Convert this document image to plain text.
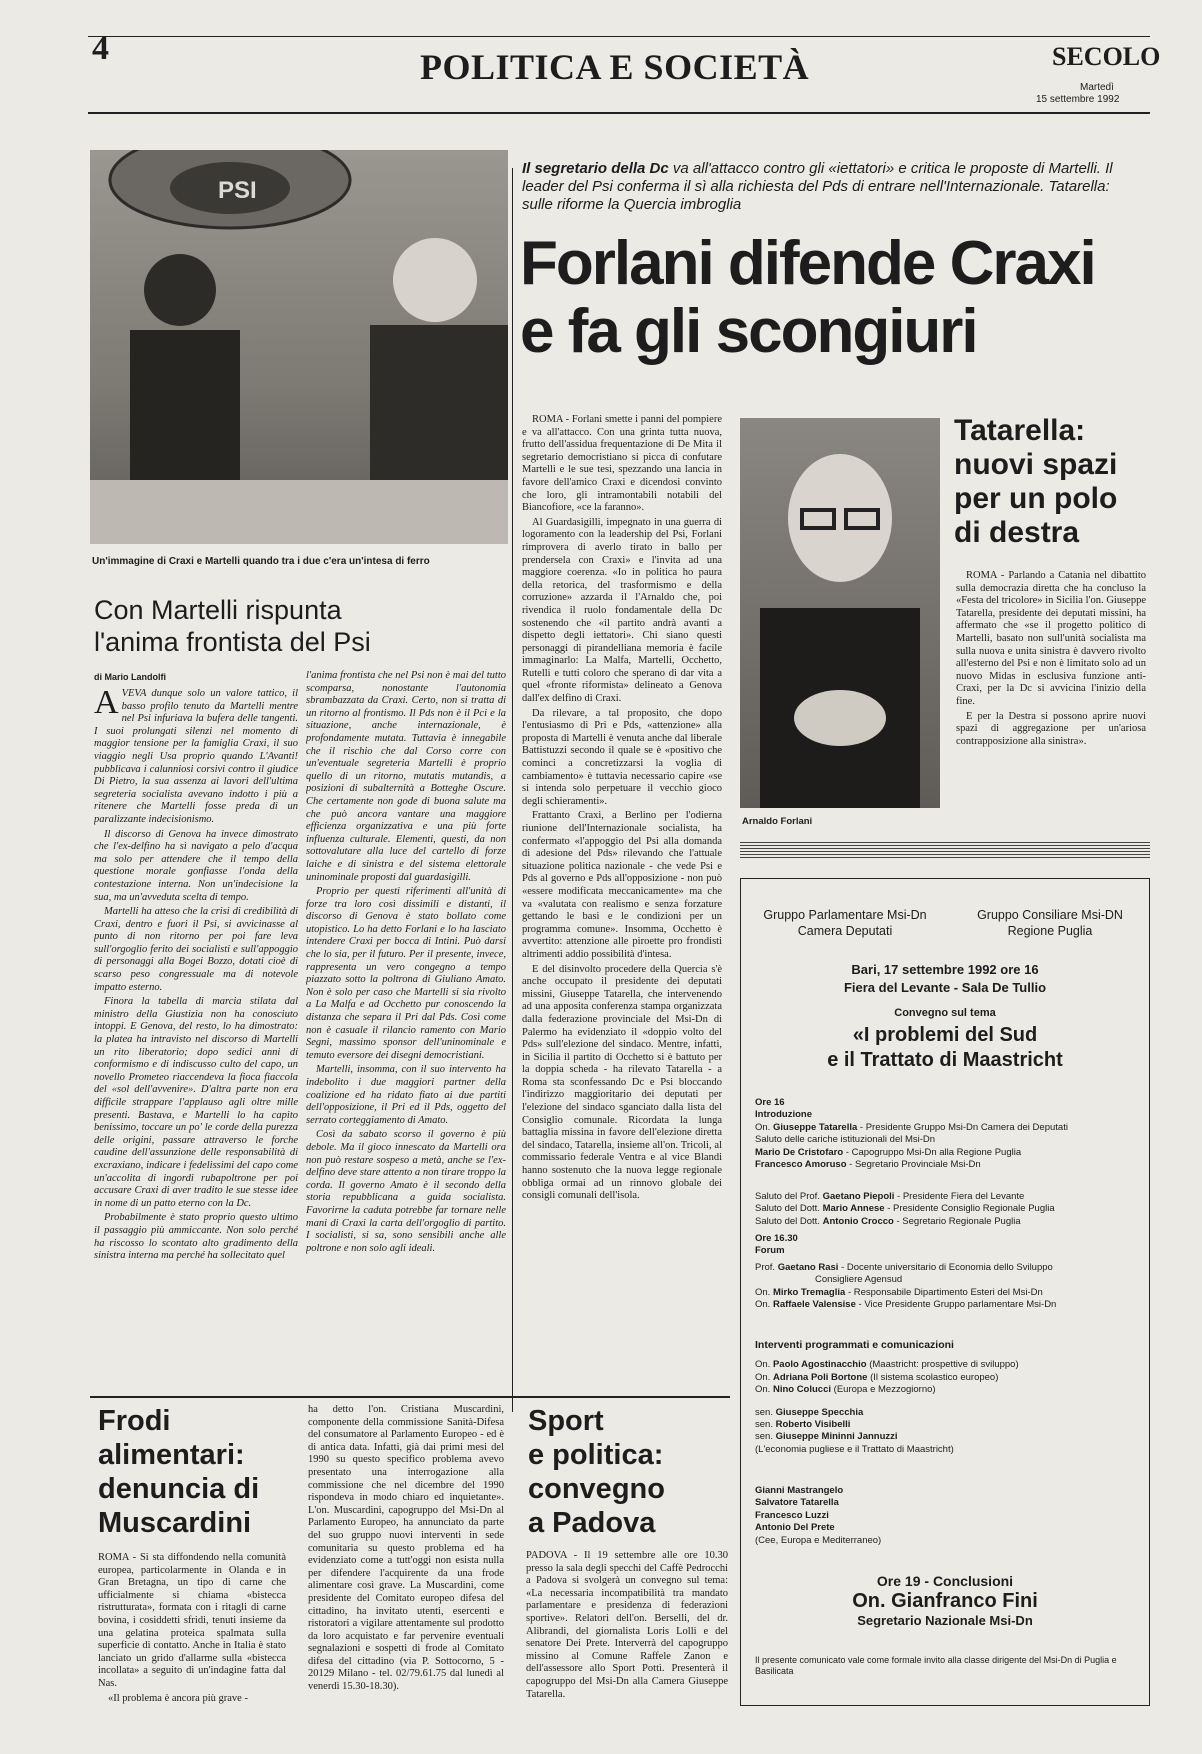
4	POLITICA E SOCIETÀ	SECOLO
Martedì
15 settembre 1992
PSI
Un'immagine di Craxi e Martelli quando tra i due c'era un'intesa di ferro
Il segretario della Dc va all'attacco contro gli «iettatori» e critica le proposte di Martelli. Il leader del Psi conferma il sì alla richiesta del Pds di entrare nell'Internazionale. Tatarella: sulle riforme la Quercia imbroglia
Forlani difende Craxi
e fa gli scongiuri

ROMA - Forlani smette i panni del pompiere e va all'attacco. Con una grinta tutta nuova, frutto dell'assidua frequentazione di De Mita il segretario democristiano si picca di confutare Martelli e le sue tesi, spezzando una lancia in favore dell'amico Craxi e dicendosi convinto che loro, gli intramontabili notabili del Biancofiore, «ce la faranno».

Al Guardasigilli, impegnato in una guerra di logoramento con la leadership del Psi, Forlani rimprovera di averlo tirato in ballo per prendersela con Craxi» e l'invita ad una maggiore coerenza. «Io in politica ho paura della retorica, del trasformismo e della corruzione» azzarda il l'Arnaldo che, poi rivendica il ruolo fondamentale della Dc sostenendo che «il partito andrà avanti a dispetto degli iettatori». Chi siano questi personaggi di pirandelliana memoria è facile immaginarlo: La Malfa, Martelli, Occhetto, Rutelli e tutti coloro che sperano di dar vita a quel «fronte riformista» delineato a Genova dall'ex delfino di Craxi.

Da rilevare, a tal proposito, che dopo l'entusiasmo di Pri e Pds, «attenzione» alla proposta di Martelli è venuta anche dal liberale Battistuzzi secondo il quale se è «positivo che cominci a concretizzarsi la voglia di cambiamento» è tuttavia necessario capire «se si intenda solo perpetuare il vecchio gioco degli schieramenti».

Frattanto Craxi, a Berlino per l'odierna riunione dell'Internazionale socialista, ha confermato «l'appoggio del Psi alla domanda di adesione del Pds» rilevando che l'attuale situazione politica nazionale - che vede Psi e Pds al governo e Pds all'opposizione - non può «essere modificata meccanicamente» ma che va «valutata con realismo e senza forzature gettando le basi e le condizioni per un programma comune». Insomma, Occhetto è avvertito: attenzione alle piroette pro frondisti altrimenti addio possibilità d'intesa.

E del disinvolto procedere della Quercia s'è anche occupato il presidente dei deputati missini, Giuseppe Tatarella, che intervenendo ad una apposita conferenza stampa organizzata dalla federazione provinciale del Msi-Dn di Palermo ha evidenziato il «doppio volto del Pds» sull'elezione del sindaco. Mentre, infatti, in Sicilia il partito di Occhetto si è battuto per la doppia scheda - ha rilevato Tatarella - a Roma sta sconfessando Dc e Psi bloccando l'indirizzo maggioritario dei deputati per l'elezione del sindaco sganciato dalla lista del Consiglio comunale. Ricordata la lunga battaglia missina in favore dell'elezione diretta del sindaco, Tatarella, insieme all'on. Tricoli, al commissario federale Ventra e al vice Blandi hanno sostenuto che la nuova legge regionale obbliga ormai ad un rinnovo globale dei consigli comunali dell'isola.

Arnaldo Forlani
Tatarella:
nuovi spazi
per un polo
di destra

ROMA - Parlando a Catania nel dibattito sulla democrazia diretta che ha concluso la «Festa del tricolore» in Sicilia l'on. Giuseppe Tatarella, presidente dei deputati missini, ha affermato che «se il progetto politico di Martelli, basato non sull'unità socialista ma sulla nuova e unita sinistra è davvero rivolto all'esterno del Psi e non è limitato solo ad un nuovo Midas in esclusiva funzione anti-Craxi, per la Dc si avvicina l'inizio della fine.

E per la Destra si possono aprire nuovi spazi di aggregazione per un'ariosa contrapposizione alla sinistra».

Con Martelli rispunta
l'anima frontista del Psi
di Mario Landolfi

AVEVA dunque solo un valore tattico, il basso profilo tenuto da Martelli mentre nel Psi infuriava la bufera delle tangenti. I suoi prolungati silenzi nel momento di maggior tensione per la famiglia Craxi, il suo viaggio negli Usa proprio quando L'Avanti! pubblicava i calunniosi corsivi contro il giudice Di Pietro, la sua assenza ai lavori dell'ultima segreteria socialista avevano indotto i più a ritenere che Martelli fosse preda di un paralizzante indecisionismo.

Il discorso di Genova ha invece dimostrato che l'ex-delfino ha sì navigato a pelo d'acqua ma solo per attendere che il tempo della questione morale gonfiasse l'onda della contestazione interna. Non un'indecisione la sua, ma un'avveduta scelta di tempo.

Martelli ha atteso che la crisi di credibilità di Craxi, dentro e fuori il Psi, si avvicinasse al punto di non ritorno per poi fare leva sull'orgoglio ferito dei socialisti e sull'appoggio di personaggi alla Bogei Bozzo, dotati cioè di scarso peso congressuale ma di notevole impatto esterno.

Finora la tabella di marcia stilata dal ministro della Giustizia non ha conosciuto intoppi. E Genova, del resto, lo ha dimostrato: la platea ha intravisto nel discorso di Martelli un rito liberatorio; dopo sedici anni di conformismo e di indiscusso culto del capo, un novello Prometeo riaccendeva la fioca fiaccola del «sol dell'avvenire». D'altra parte non era difficile strappare l'applauso agli oltre mille presenti. Bastava, e Martelli lo ha capito benissimo, toccare un po' le corde della purezza delle origini, passare attraverso le forche caudine dell'assunzione delle responsabilità di excraxiano, indicare i fedelissimi del capo come un'accolita di ingordi rubapoltrone per poi accusare Craxi di aver tradito le sue stesse idee in nome di un patto eterno con la Dc.

Probabilmente è stato proprio questo ultimo il passaggio più ammiccante. Non solo perché ha riscosso lo scontato alto gradimento della sinistra interna ma perché ha sollecitato quel

l'anima frontista che nel Psi non è mai del tutto scomparsa, nonostante l'autonomia sbrambazzata da Craxi. Certo, non si tratta di un ritorno al frontismo. Il Pds non è il Pci e la situazione, anche internazionale, è profondamente mutata. Tuttavia è innegabile che il rischio che dal Corso corre con un'eventuale segreteria Martelli è proprio quello di un ritorno, mutatis mutandis, a posizioni di subalternità a Botteghe Oscure. Che certamente non gode di buona salute ma che può ancora vantare una maggiore efficienza organizzativa e una più forte influenza culturale. Elementi, questi, da non sottovalutare alla luce del cartello di forze laiche e di sinistra e del sistema elettorale uninominale proposti dal guardasigilli.

Proprio per questi riferimenti all'unità di forze tra loro così dissimili e distanti, il discorso di Genova è stato bollato come utopistico. Lo ha detto Forlani e lo ha lasciato intendere Craxi per bocca di Intini. Può darsi che lo sia, per il futuro. Per il presente, invece, rappresenta un vero congegno a tempo piazzato sotto la poltrona di Giuliano Amato. Non è solo per caso che Martelli si sia rivolto a La Malfa e ad Occhetto pur conoscendo la distanza che separa il Pri dal Pds. Così come non è casuale il rilancio ramento con Mario Segni, massimo sponsor dell'uninominale e temuto eversore dei disegni democristiani.

Martelli, insomma, con il suo intervento ha indebolito i due maggiori partner della coalizione ed ha ridato fiato ai due partiti dell'opposizione, il Pri ed il Pds, oggetto del serrato corteggiamento di Amato.

Così da sabato scorso il governo è più debole. Ma il gioco innescato da Martelli ora non può restare sospeso a metà, anche se l'ex-delfino deve stare attento a non tirare troppo la corda. Il governo Amato è il secondo della storia repubblicana a guida socialista. Favorirne la caduta potrebbe far tornare nelle mani di Craxi la carta dell'orgoglio di partito. I socialisti, si sa, sono sensibili anche alle poltrone e non solo agli ideali.

Frodi
alimentari:
denuncia di
Muscardini

ROMA - Si sta diffondendo nella comunità europea, particolarmente in Olanda e in Gran Bretagna, un tipo di carne che ufficialmente si chiama «bistecca ristrutturata», formata con i ritagli di carne bovina, i cosiddetti sfridi, tenuti insieme da una gelatina proteica spalmata sulla superficie di contatto. Anche in Italia è stato lanciato un grido d'allarme sulla «bistecca incollata» a seguito di un'indagine fatta dal Nas.

«Il problema è ancora più grave -

ha detto l'on. Cristiana Muscardini, componente della commissione Sanità-Difesa del consumatore al Parlamento Europeo - ed è di antica data. Infatti, già dai primi mesi del 1990 su questo specifico problema avevo presentato una interrogazione alla commissione che nel dicembre del 1990 rispondeva in modo chiaro ed inquietante». L'on. Muscardini, capogruppo del Msi-Dn al Parlamento Europeo, ha annunciato da parte del suo gruppo nuovi interventi in sede comunitaria su questo problema ed ha evidenziato come a tutt'oggi non esista nulla per difendere l'acquirente da una frode alimentare così grave. La Muscardini, come presidente del Comitato europeo difesa del cittadino, ha invitato utenti, esercenti e ristoratori a vigilare attentamente sul prodotto da loro acquistato e far pervenire eventuali segnalazioni e sospetti di frode al Comitato difesa del cittadino (via P. Sottocorno, 5 - 20129 Milano - tel. 02/79.61.75 dal lunedì al venerdì 15.30-18.30).

Sport
e politica:
convegno
a Padova

PADOVA - Il 19 settembre alle ore 10.30 presso la sala degli specchi del Caffè Pedrocchi a Padova si svolgerà un convegno sul tema: «La necessaria incompatibilità tra mandato parlamentare e presidenza di federazioni sportive». Relatori dell'on. Berselli, del dr. Alibrandi, del giornalista Loris Lolli e del senatore Dei Prete. Interverrà del capogruppo missino al Comune Raffele Zanon e dell'assessore allo Sport Pottì. Presenterà il capogruppo del Msi-Dn alla Camera Giuseppe Tatarella.

Gruppo Parlamentare Msi-Dn
Camera Deputati
Gruppo Consiliare Msi-DN
Regione Puglia
Bari, 17 settembre 1992 ore 16
Fiera del Levante - Sala De Tullio
Convegno sul tema
«I problemi del Sud
e il Trattato di Maastricht
Ore 16
Introduzione
On. Giuseppe Tatarella - Presidente Gruppo Msi-Dn Camera dei Deputati
Saluto delle cariche istituzionali del Msi-Dn
Mario De Cristofaro - Capogruppo Msi-Dn alla Regione Puglia
Francesco Amoruso - Segretario Provinciale Msi-Dn
Saluto del Prof. Gaetano Piepoli - Presidente Fiera del Levante
Saluto del Dott. Mario Annese - Presidente Consiglio Regionale Puglia
Saluto del Dott. Antonio Crocco - Segretario Regionale Puglia
Ore 16.30
Forum
Prof. Gaetano Rasi - Docente universitario di Economia dello Sviluppo
Consigliere Agensud
On. Mirko Tremaglia - Responsabile Dipartimento Esteri del Msi-Dn
On. Raffaele Valensise - Vice Presidente Gruppo parlamentare Msi-Dn
Interventi programmati e comunicazioni
On. Paolo Agostinacchio (Maastricht: prospettive di sviluppo)
On. Adriana Poli Bortone (Il sistema scolastico europeo)
On. Nino Colucci (Europa e Mezzogiorno)
sen. Giuseppe Specchia
sen. Roberto Visibelli
sen. Giuseppe Mininni Jannuzzi
(L'economia pugliese e il Trattato di Maastricht)
Gianni Mastrangelo
Salvatore Tatarella
Francesco Luzzi
Antonio Del Prete
(Cee, Europa e Mediterraneo)
Ore 19 - Conclusioni
On. Gianfranco Fini
Segretario Nazionale Msi-Dn
Il presente comunicato vale come formale invito alla classe dirigente del Msi-Dn di Puglia e Basilicata
